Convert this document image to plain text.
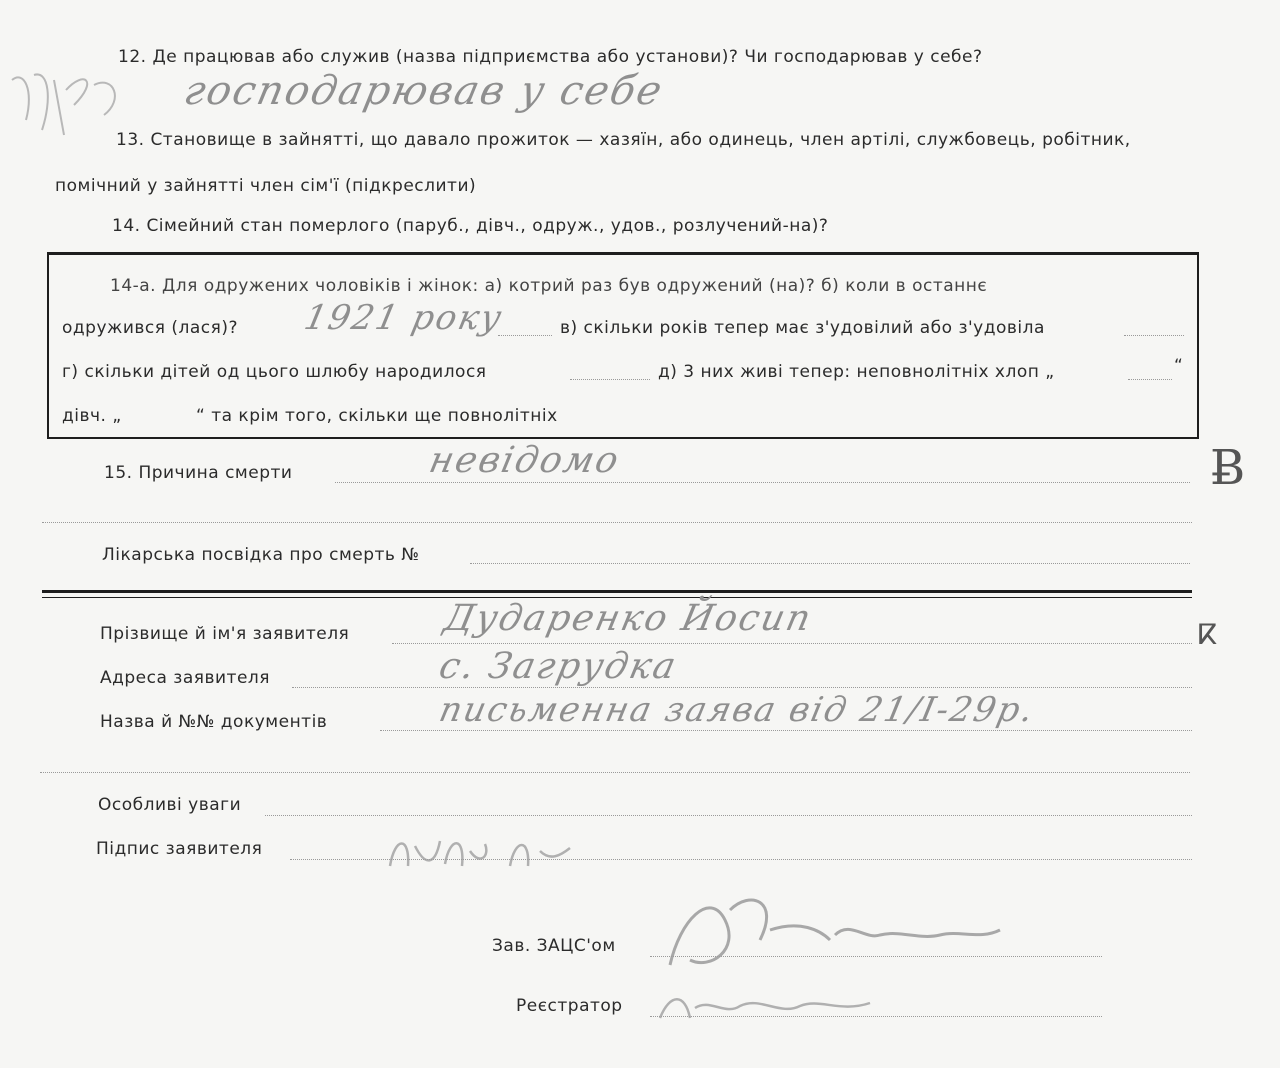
12. Де працював або служив (назва підприємства або установи)? Чи господарював у себе?
господарював у себе
13. Становище в зайнятті, що давало прожиток — хазяїн, або одинець, член артілі, службовець, робітник,
помічний у зайнятті член сім'ї (підкреслити)
14. Сімейний стан померлого (паруб., дівч., одруж., удов., розлучений-на)?
14-а. Для одружених чоловіків і жінок: а) котрий раз був одружений (на)? б) коли в останнє
одружився (лася)? 1921 року	в) скільки років тепер має з'удовілий або з'удовіла
г) скільки дітей од цього шлюбу народилося	д) 3 них живі тепер: неповнолітніх хлоп „	“
дівч. „	“ та крім того, скільки ще повнолітніх
15. Причина смерти	невідомо
Лікарська посвідка про смерть №
Прізвище й ім'я заявителя	Дударенко Йосип
Адреса заявителя	с. Загрудка
Назва й №№ документів	письменна заява від 21/І-29р.
Особливі уваги
Підпис заявителя
Зав. ЗАЦС'ом
Реєстратор
Ƀ
ⴽ
